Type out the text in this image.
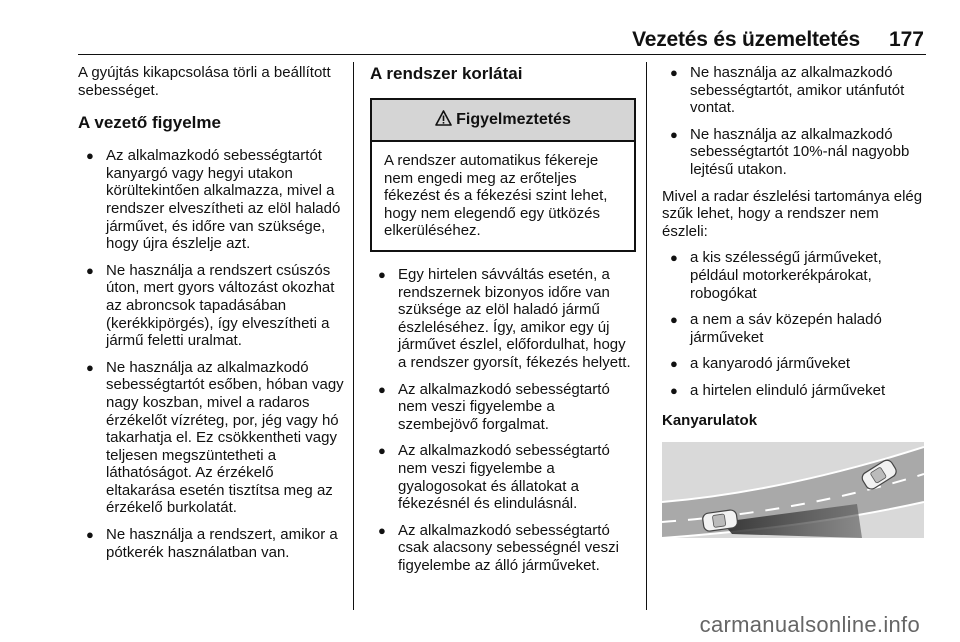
Vezetés és üzemeltetés 177
A gyújtás kikapcsolása törli a beállított sebességet.
A vezető figyelme
● Az alkalmazkodó sebességtartót kanyargó vagy hegyi utakon körültekintően alkalmazza, mivel a rendszer elveszítheti az elöl haladó járművet, és időre van szüksége, hogy újra észlelje azt.
● Ne használja a rendszert csúszós úton, mert gyors változást okozhat az abroncsok tapadásában (kerékkipörgés), így elveszítheti a jármű feletti uralmat.
● Ne használja az alkalmazkodó sebességtartót esőben, hóban vagy nagy koszban, mivel a radaros érzékelőt vízréteg, por, jég vagy hó takarhatja el. Ez csökkentheti vagy teljesen megszüntetheti a láthatóságot. Az érzékelő eltakarása esetén tisztítsa meg az érzékelő burkolatát.
● Ne használja a rendszert, amikor a pótkerék használatban van.
A rendszer korlátai
Figyelmeztetés
A rendszer automatikus fékereje nem engedi meg az erőteljes fékezést és a fékezési szint lehet, hogy nem elegendő egy ütközés elkerüléséhez.
● Egy hirtelen sávváltás esetén, a rendszernek bizonyos időre van szüksége az elöl haladó jármű észleléséhez. Így, amikor egy új járművet észlel, előfordulhat, hogy a rendszer gyorsít, fékezés helyett.
● Az alkalmazkodó sebességtartó nem veszi figyelembe a szembejövő forgalmat.
● Az alkalmazkodó sebességtartó nem veszi figyelembe a gyalogosokat és állatokat a fékezésnél és elindulásnál.
● Az alkalmazkodó sebességtartó csak alacsony sebességnél veszi figyelembe az álló járműveket.
● Ne használja az alkalmazkodó sebességtartót, amikor utánfutót vontat.
● Ne használja az alkalmazkodó sebességtartót 10%-nál nagyobb lejtésű utakon.
Mivel a radar észlelési tartománya elég szűk lehet, hogy a rendszer nem észleli:
● a kis szélességű járműveket, például motorkerékpárokat, robogókat
● a nem a sáv közepén haladó járműveket
● a kanyarodó járműveket
● a hirtelen elinduló járműveket
Kanyarulatok
carmanualsonline.info
